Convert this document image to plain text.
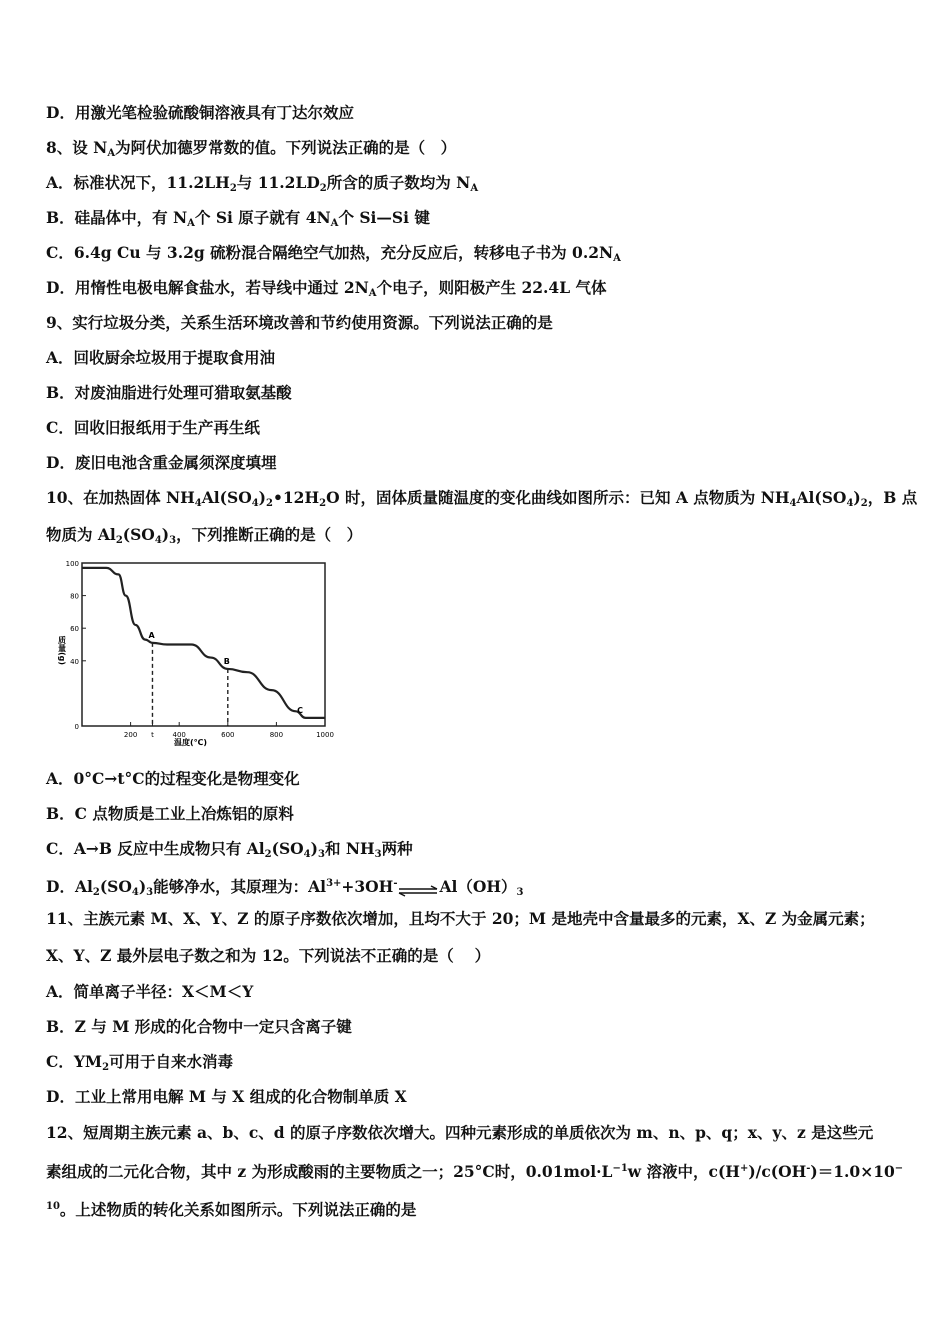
D．用激光笔检验硫酸铜溶液具有丁达尔效应
8、设 $N_A$为阿伏加德罗常数的值。下列说法正确的是（　）
A．标准状况下，$11.2LH_2$与 $11.2LD_2$所含的质子数均为 $N_A$
B．硅晶体中，有 $N_A$个 Si 原子就有 $4N_A$个 Si—Si 键
C．6.4g Cu 与 3.2g 硫粉混合隔绝空气加热，充分反应后，转移电子书为 $0.2N_A$
D．用惰性电极电解食盐水，若导线中通过 $2N_A$个电子，则阳极产生 22.4L 气体
9、实行垃圾分类，关系生活环境改善和节约使用资源。下列说法正确的是
A．回收厨余垃圾用于提取食用油
B．对废油脂进行处理可猎取氨基酸
C．回收旧报纸用于生产再生纸
D．废旧电池含重金属须深度填埋
10、在加热固体 $NH_4Al(SO_4)_2•12H_2O$ 时，固体质量随温度的变化曲线如图所示：已知 A 点物质为 $NH_4Al(SO_4)_2$，B 点
物质为 $Al_2(SO_4)_3$，下列推断正确的是（　）
100
80
60
40
0
200 t	400	600	800	1000
A
B
C
质量(g)
温度(℃)
A．0°C→t°C的过程变化是物理变化
B．C 点物质是工业上冶炼铝的原料
C．A→B 反应中生成物只有 $Al_2(SO_4)_3$和 $NH_3$两种
D．$Al_2(SO_4)_3$能够净水，其原理为：$Al^{3+}+3OH^-\rightleftharpoons Al(OH)_3$
11、主族元素 M、X、Y、Z 的原子序数依次增加，且均不大于 20；M 是地壳中含量最多的元素，X、Z 为金属元素；
X、Y、Z 最外层电子数之和为 12。下列说法不正确的是（　 ）
A．简单离子半径：X＜M＜Y
B．Z 与 M 形成的化合物中一定只含离子键
C．$YM_2$可用于自来水消毒
D．工业上常用电解 M 与 X 组成的化合物制单质 X
12、短周期主族元素 a、b、c、d 的原子序数依次增大。四种元素形成的单质依次为 m、n、p、q；x、y、z 是这些元
素组成的二元化合物，其中 z 为形成酸雨的主要物质之一；25°C时，$0.01mol\cdot L^{-1}w$ 溶液中，c(H+)/c(OH-)＝1.0×10−
$^{10}$。上述物质的转化关系如图所示。下列说法正确的是
